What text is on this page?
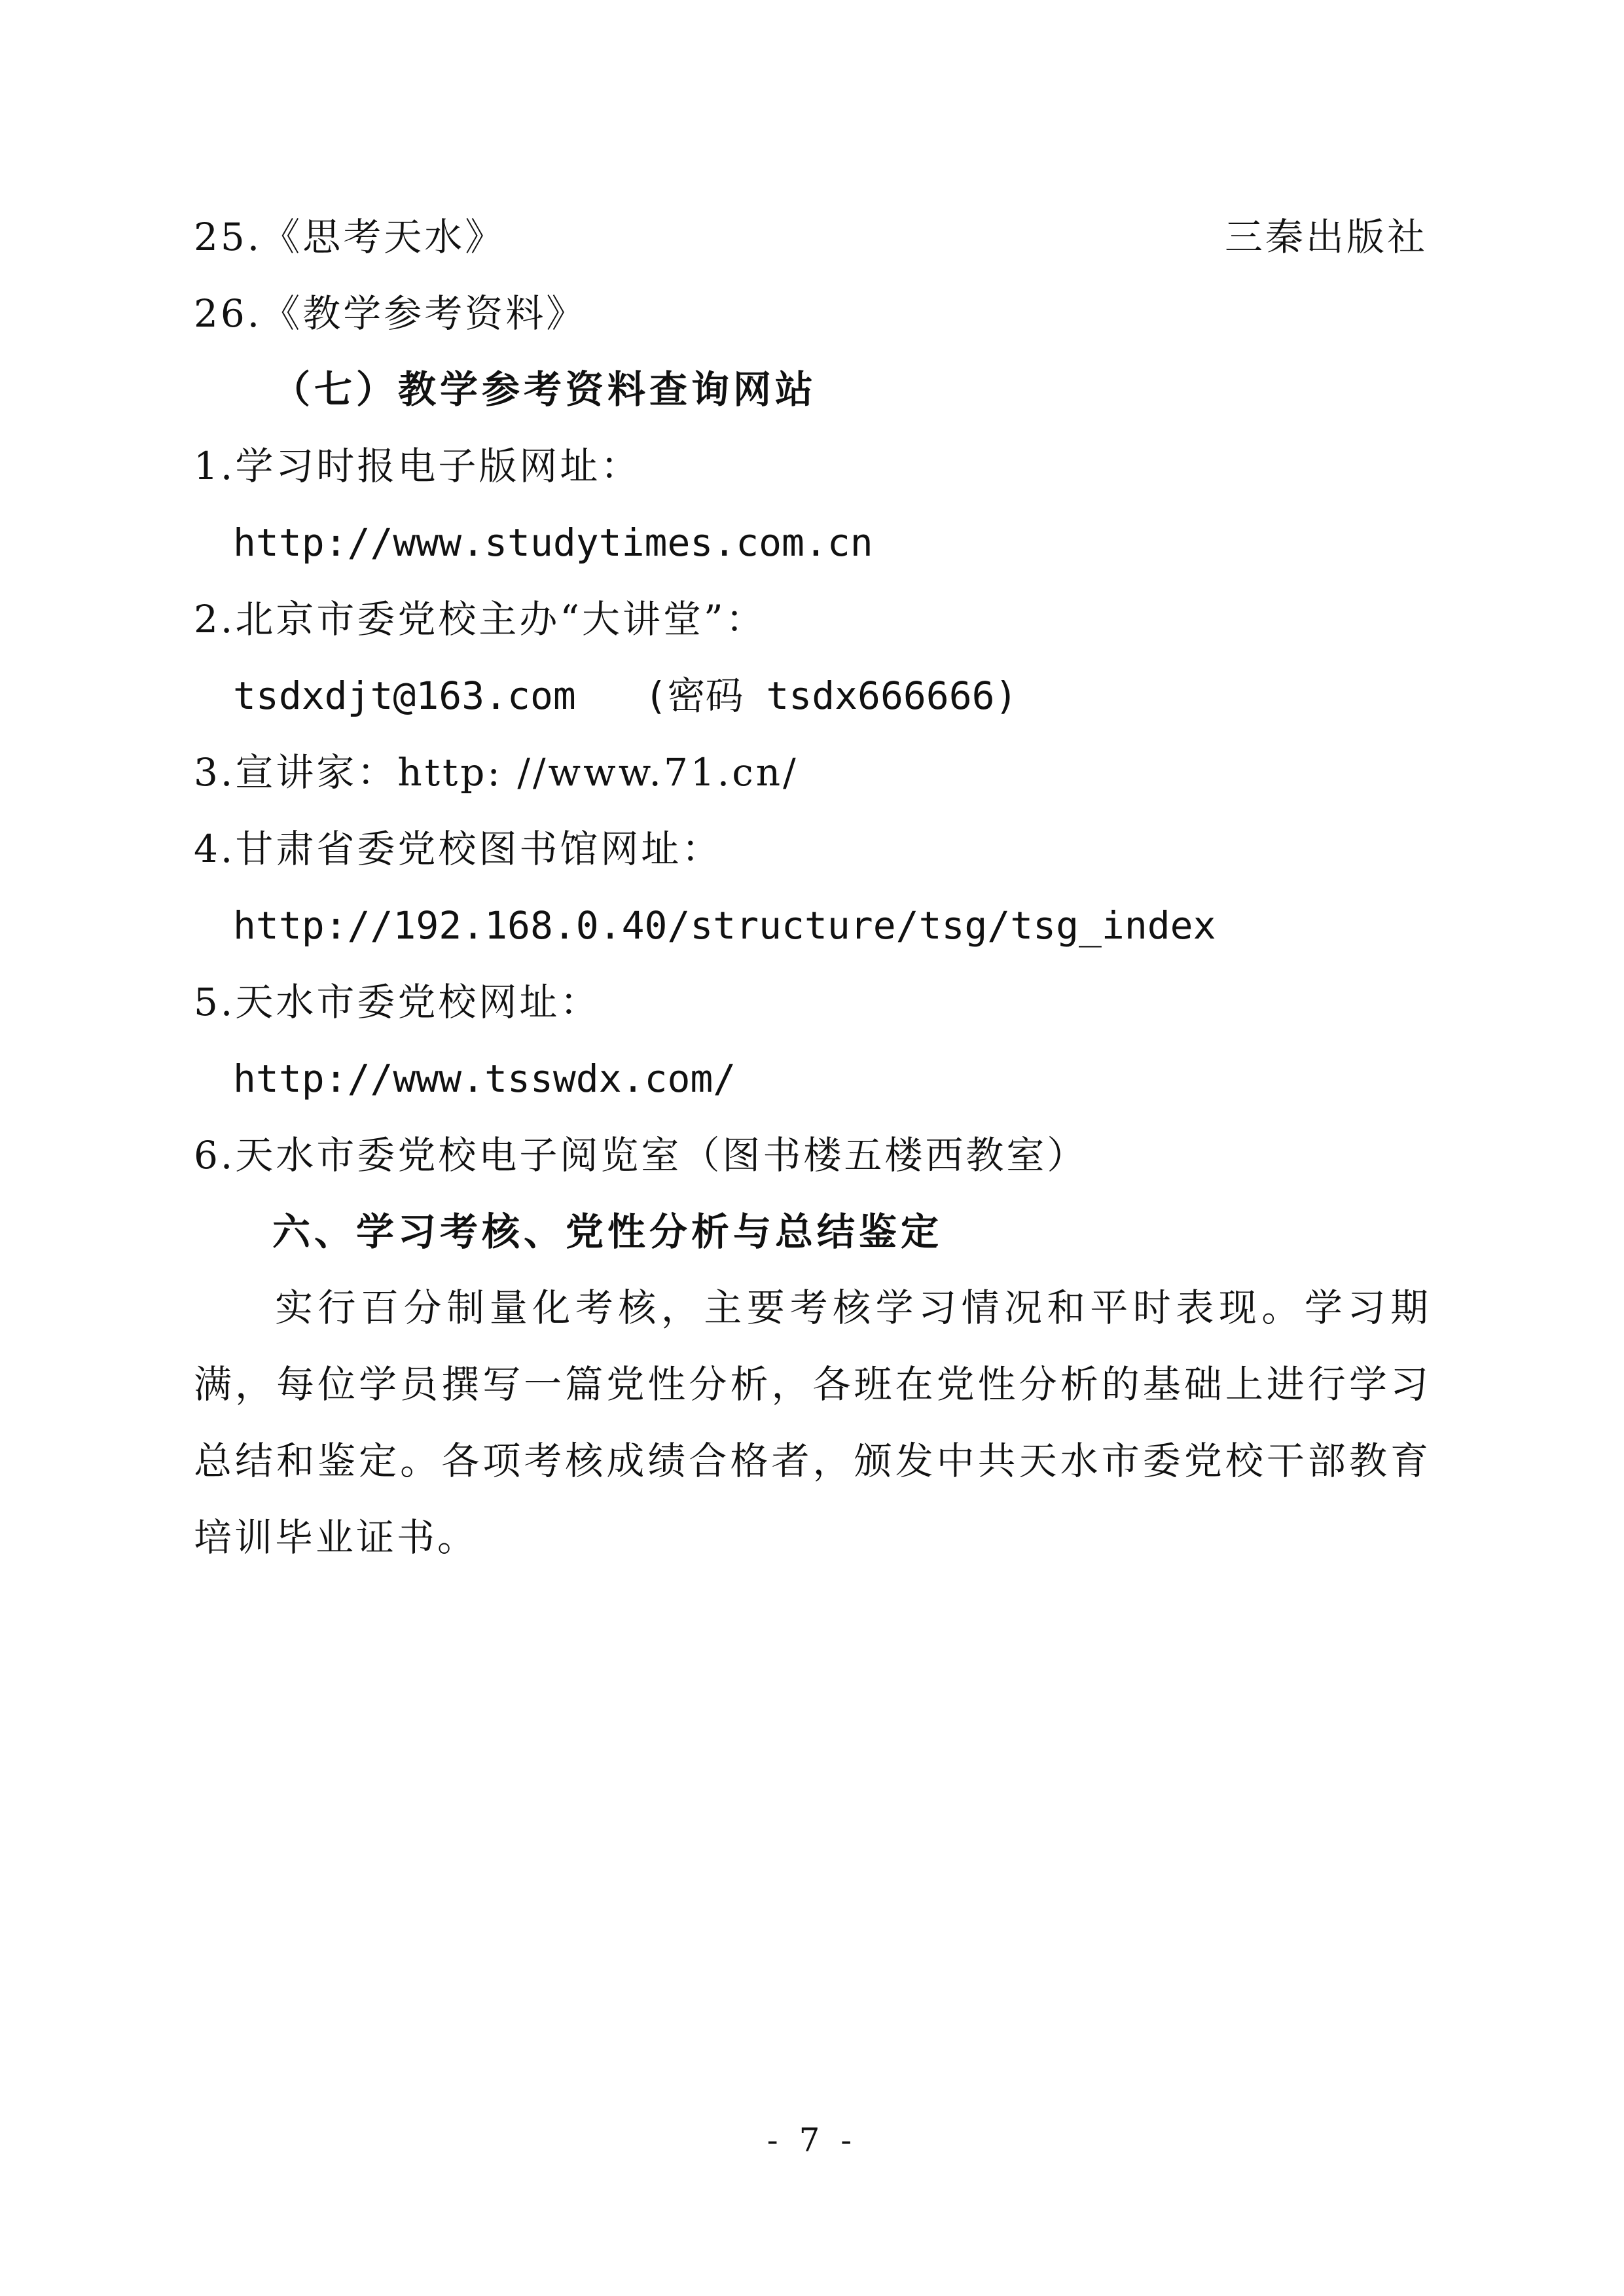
25.《思考天水》	三秦出版社
26.《教学参考资料》
（七）教学参考资料查询网站
1.学习时报电子版网址：
http://www.studytimes.com.cn
2.北京市委党校主办“大讲堂”：
tsdxdjt@163.com   (密码 tsdx666666)
3.宣讲家：http: //www.71.cn/
4.甘肃省委党校图书馆网址：
http://192.168.0.40/structure/tsg/tsg_index
5.天水市委党校网址：
http://www.tsswdx.com/
6.天水市委党校电子阅览室（图书楼五楼西教室）
六、学习考核、党性分析与总结鉴定
实行百分制量化考核，主要考核学习情况和平时表现。学习期满，每位学员撰写一篇党性分析，各班在党性分析的基础上进行学习总结和鉴定。各项考核成绩合格者，颁发中共天水市委党校干部教育培训毕业证书。
- 7 -
